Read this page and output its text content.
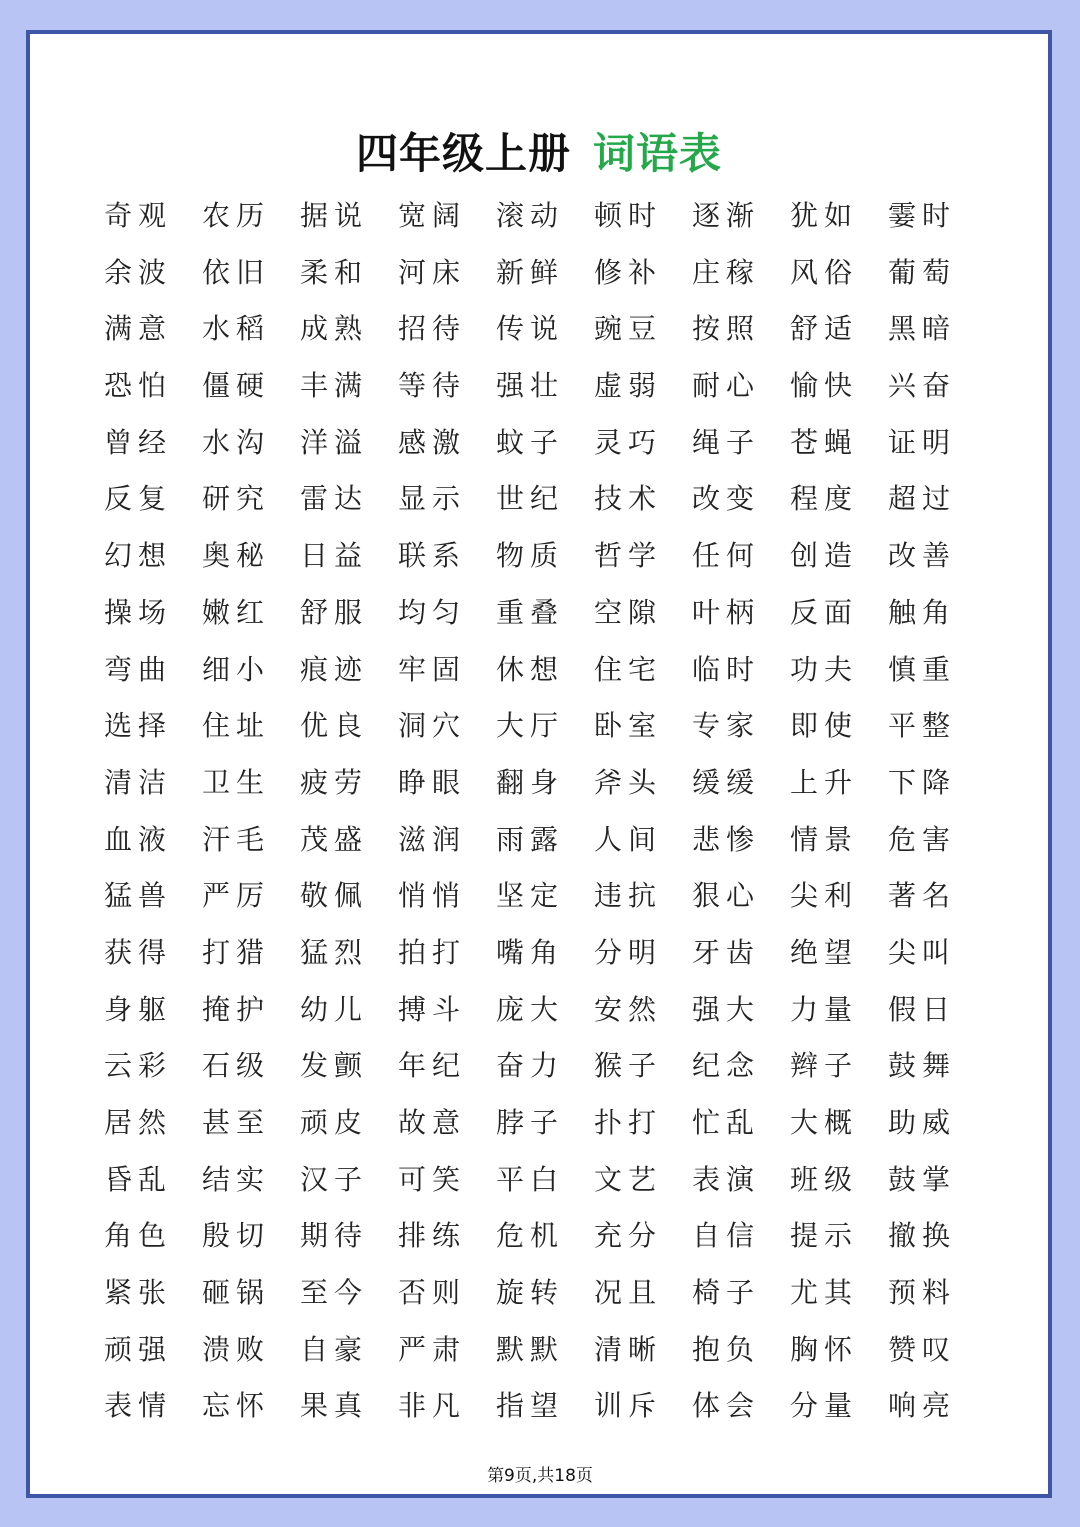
四年级上册 词语表
奇观	农历	据说	宽阔	滚动	顿时	逐渐	犹如	霎时
余波	依旧	柔和	河床	新鲜	修补	庄稼	风俗	葡萄
满意	水稻	成熟	招待	传说	豌豆	按照	舒适	黑暗
恐怕	僵硬	丰满	等待	强壮	虚弱	耐心	愉快	兴奋
曾经	水沟	洋溢	感激	蚊子	灵巧	绳子	苍蝇	证明
反复	研究	雷达	显示	世纪	技术	改变	程度	超过
幻想	奥秘	日益	联系	物质	哲学	任何	创造	改善
操场	嫩红	舒服	均匀	重叠	空隙	叶柄	反面	触角
弯曲	细小	痕迹	牢固	休想	住宅	临时	功夫	慎重
选择	住址	优良	洞穴	大厅	卧室	专家	即使	平整
清洁	卫生	疲劳	睁眼	翻身	斧头	缓缓	上升	下降
血液	汗毛	茂盛	滋润	雨露	人间	悲惨	情景	危害
猛兽	严厉	敬佩	悄悄	坚定	违抗	狠心	尖利	著名
获得	打猎	猛烈	拍打	嘴角	分明	牙齿	绝望	尖叫
身躯	掩护	幼儿	搏斗	庞大	安然	强大	力量	假日
云彩	石级	发颤	年纪	奋力	猴子	纪念	辫子	鼓舞
居然	甚至	顽皮	故意	脖子	扑打	忙乱	大概	助威
昏乱	结实	汉子	可笑	平白	文艺	表演	班级	鼓掌
角色	殷切	期待	排练	危机	充分	自信	提示	撤换
紧张	砸锅	至今	否则	旋转	况且	椅子	尤其	预料
顽强	溃败	自豪	严肃	默默	清晰	抱负	胸怀	赞叹
表情	忘怀	果真	非凡	指望	训斥	体会	分量	响亮
第9页,共18页
